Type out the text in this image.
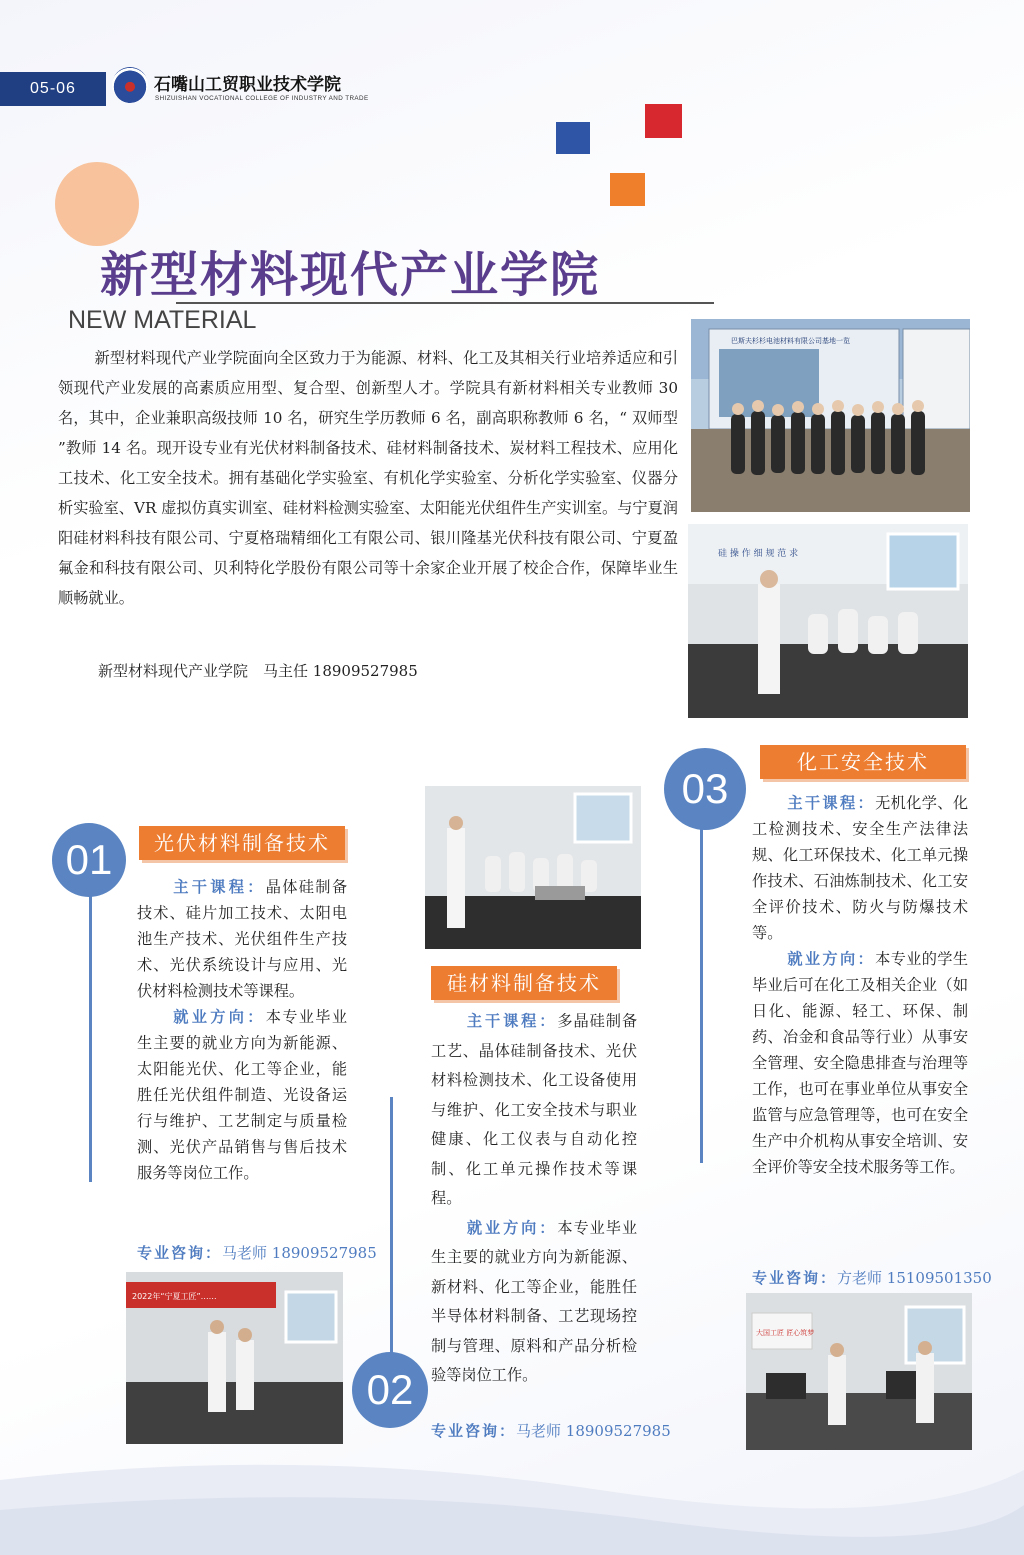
05-06	石嘴山工贸职业技术学院
SHIZUISHAN VOCATIONAL COLLEGE OF INDUSTRY AND TRADE
新型材料现代产业学院
NEW MATERIAL

新型材料现代产业学院面向全区致力于为能源、材料、化工及其相关行业培养适应和引领现代产业发展的高素质应用型、复合型、创新型人才。学院具有新材料相关专业教师 30 名，其中，企业兼职高级技师 10 名，研究生学历教师 6 名，副高职称教师 6 名，“ 双师型 ”教师 14 名。现开设专业有光伏材料制备技术、硅材料制备技术、炭材料工程技术、应用化工技术、化工安全技术。拥有基础化学实验室、有机化学实验室、分析化学实验室、仪器分析实验室、VR 虚拟仿真实训室、硅材料检测实验室、太阳能光伏组件生产实训室。与宁夏润阳硅材料科技有限公司、宁夏格瑞精细化工有限公司、银川隆基光伏科技有限公司、宁夏盈氟金和科技有限公司、贝利特化学股份有限公司等十余家企业开展了校企合作，保障毕业生顺畅就业。

新型材料现代产业学院　马主任 18909527985
巴斯夫杉杉电池材料有限公司基地一览
硅 操 作 细 规 范 求
2022年“宁夏工匠”……
大国工匠 匠心筑梦
01	光伏材料制备技术

主干课程：晶体硅制备技术、硅片加工技术、太阳电池生产技术、光伏组件生产技术、光伏系统设计与应用、光伏材料检测技术等课程。

就业方向：本专业毕业生主要的就业方向为新能源、太阳能光伏、化工等企业，能胜任光伏组件制造、光设备运行与维护、工艺制定与质量检测、光伏产品销售与售后技术服务等岗位工作。

专业咨询：马老师 18909527985
02
硅材料制备技术

主干课程：多晶硅制备工艺、晶体硅制备技术、光伏材料检测技术、化工设备使用与维护、化工安全技术与职业健康、化工仪表与自动化控制、化工单元操作技术等课程。

就业方向：本专业毕业生主要的就业方向为新能源、新材料、化工等企业，能胜任半导体材料制备、工艺现场控制与管理、原料和产品分析检验等岗位工作。

专业咨询：马老师 18909527985
03
化工安全技术

主干课程：无机化学、化工检测技术、安全生产法律法规、化工环保技术、化工单元操作技术、石油炼制技术、化工安全评价技术、防火与防爆技术等。

就业方向：本专业的学生毕业后可在化工及相关企业（如日化、能源、轻工、环保、制药、冶金和食品等行业）从事安全管理、安全隐患排查与治理等工作，也可在事业单位从事安全监管与应急管理等，也可在安全生产中介机构从事安全培训、安全评价等安全技术服务等工作。

专业咨询：方老师 15109501350
